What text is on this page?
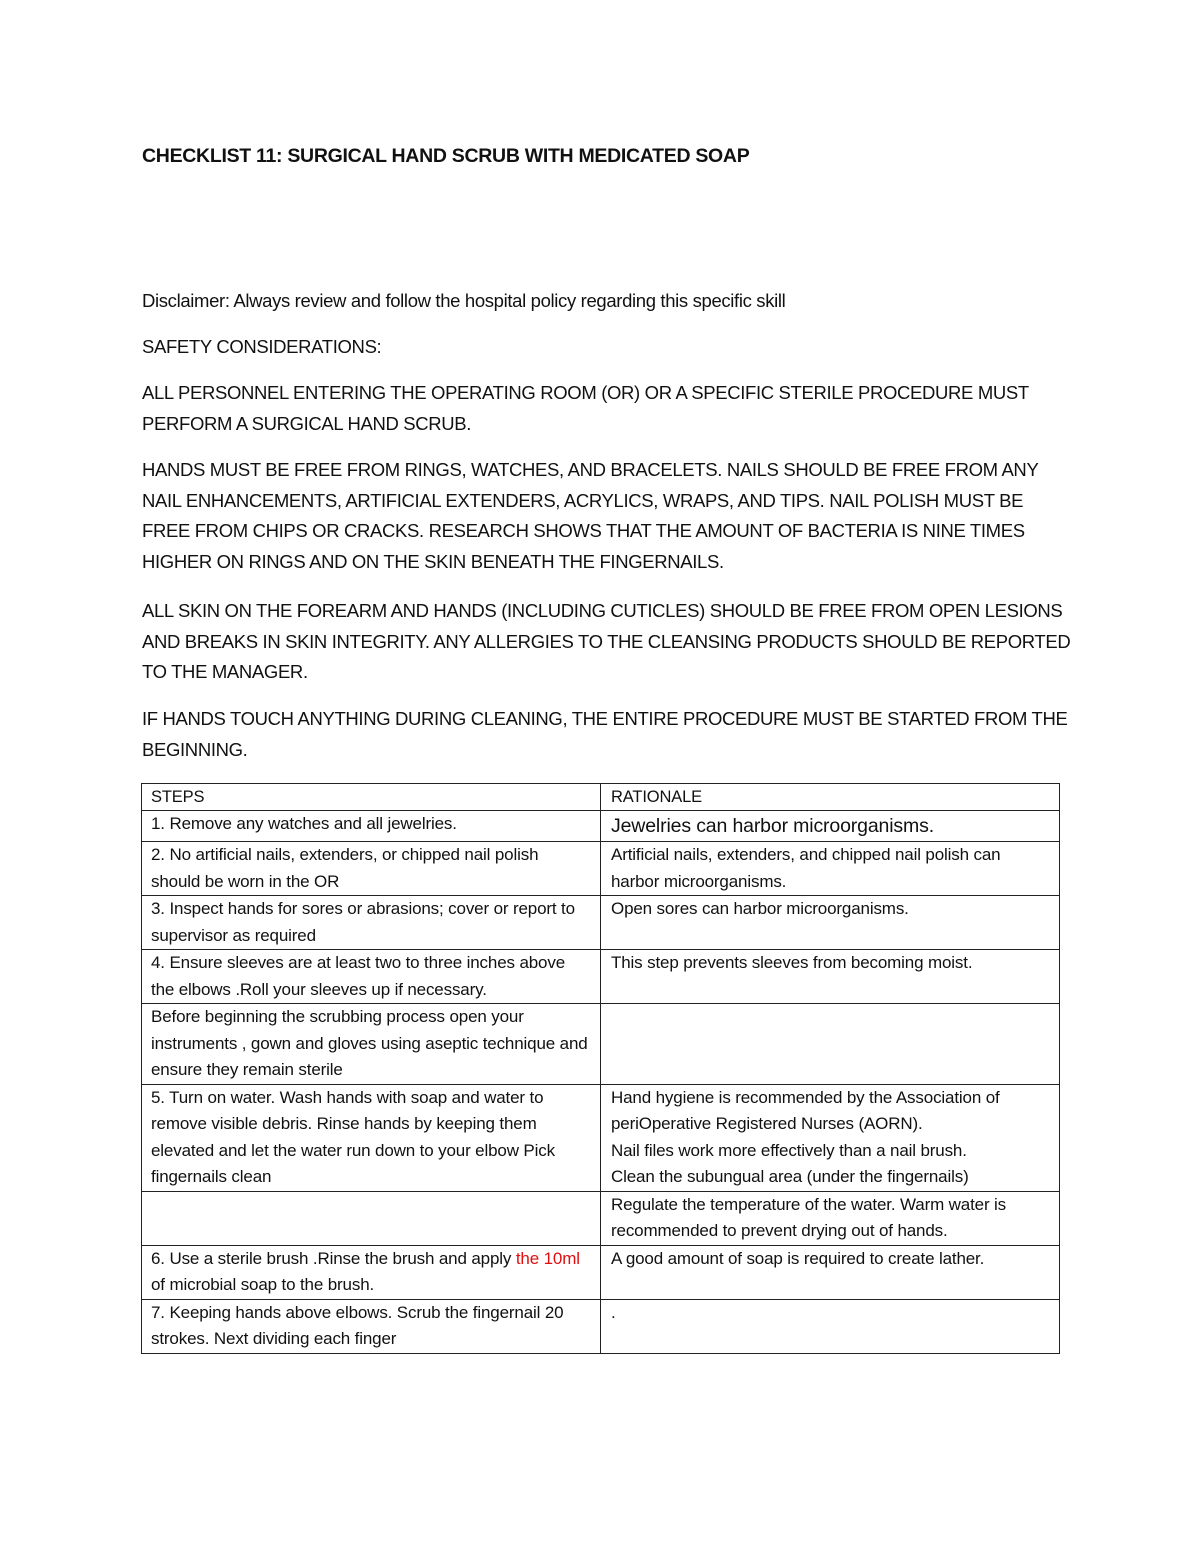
CHECKLIST 11: SURGICAL HAND SCRUB WITH MEDICATED SOAP
Disclaimer: Always review and follow the hospital policy regarding this specific skill
SAFETY CONSIDERATIONS:
ALL PERSONNEL ENTERING THE OPERATING ROOM (OR) OR A SPECIFIC STERILE PROCEDURE MUST PERFORM A SURGICAL HAND SCRUB.
HANDS MUST BE FREE FROM RINGS, WATCHES, AND BRACELETS. NAILS SHOULD BE FREE FROM ANY NAIL ENHANCEMENTS, ARTIFICIAL EXTENDERS, ACRYLICS, WRAPS, AND TIPS. NAIL POLISH MUST BE FREE FROM CHIPS OR CRACKS. RESEARCH SHOWS THAT THE AMOUNT OF BACTERIA IS NINE TIMES HIGHER ON RINGS AND ON THE SKIN BENEATH THE FINGERNAILS.
ALL SKIN ON THE FOREARM AND HANDS (INCLUDING CUTICLES) SHOULD BE FREE FROM OPEN LESIONS AND BREAKS IN SKIN INTEGRITY. ANY ALLERGIES TO THE CLEANSING PRODUCTS SHOULD BE REPORTED TO THE MANAGER.
IF HANDS TOUCH ANYTHING DURING CLEANING, THE ENTIRE PROCEDURE MUST BE STARTED FROM THE BEGINNING.
STEPS	RATIONALE
1. Remove any watches and all jewelries.	Jewelries can harbor microorganisms.
2. No artificial nails, extenders, or chipped nail polish should be worn in the OR	Artificial nails, extenders, and chipped nail polish can harbor microorganisms.
3. Inspect hands for sores or abrasions; cover or report to supervisor as required	Open sores can harbor microorganisms.
4. Ensure sleeves are at least two to three inches above the elbows .Roll your sleeves up if necessary.	This step prevents sleeves from becoming moist.
Before beginning the scrubbing process open your instruments , gown and gloves using aseptic technique and ensure they remain sterile	
5. Turn on water. Wash hands with soap and water to remove visible debris. Rinse hands by keeping them elevated and let the water run down to your elbow Pick fingernails clean	Hand hygiene is recommended by the Association of periOperative Registered Nurses (AORN).
Nail files work more effectively than a nail brush.
Clean the subungual area (under the fingernails)

	Regulate the temperature of the water. Warm water is recommended to prevent drying out of hands.
6. Use a sterile brush .Rinse the brush and apply the 10ml of microbial soap to the brush.	A good amount of soap is required to create lather.
7. Keeping hands above elbows. Scrub the fingernail 20 strokes. Next dividing each finger	.
